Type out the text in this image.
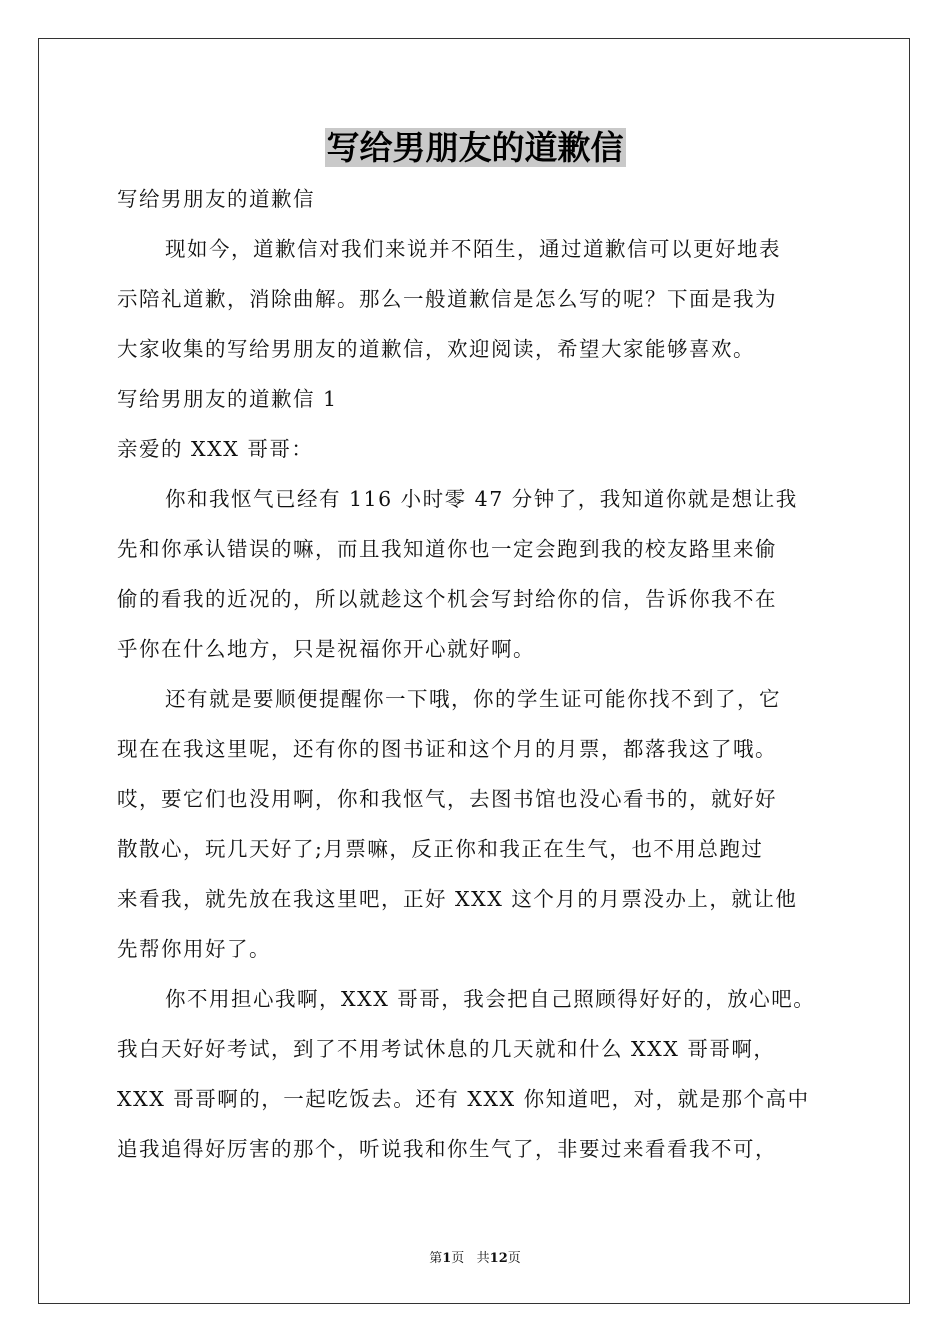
写给男朋友的道歉信
写给男朋友的道歉信
现如今，道歉信对我们来说并不陌生，通过道歉信可以更好地表
示陪礼道歉，消除曲解。那么一般道歉信是怎么写的呢？下面是我为
大家收集的写给男朋友的道歉信，欢迎阅读，希望大家能够喜欢。
写给男朋友的道歉信 1
亲爱的 XXX 哥哥：
你和我怄气已经有 116 小时零 47 分钟了，我知道你就是想让我
先和你承认错误的嘛，而且我知道你也一定会跑到我的校友路里来偷
偷的看我的近况的，所以就趁这个机会写封给你的信，告诉你我不在
乎你在什么地方，只是祝福你开心就好啊。
还有就是要顺便提醒你一下哦，你的学生证可能你找不到了，它
现在在我这里呢，还有你的图书证和这个月的月票，都落我这了哦。
哎，要它们也没用啊，你和我怄气，去图书馆也没心看书的，就好好
散散心，玩几天好了;月票嘛，反正你和我正在生气，也不用总跑过
来看我，就先放在我这里吧，正好 XXX 这个月的月票没办上，就让他
先帮你用好了。
你不用担心我啊，XXX 哥哥，我会把自己照顾得好好的，放心吧。
我白天好好考试，到了不用考试休息的几天就和什么 XXX 哥哥啊，
XXX 哥哥啊的，一起吃饭去。还有 XXX 你知道吧，对，就是那个高中
追我追得好厉害的那个，听说我和你生气了，非要过来看看我不可，
第1页   共12页
